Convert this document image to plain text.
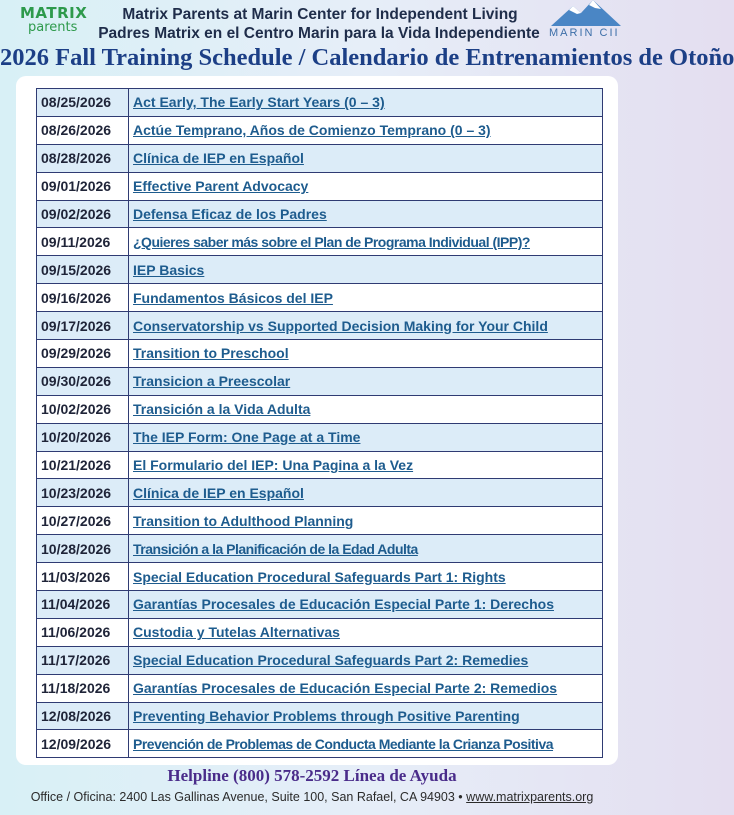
MATRIX
parents	MARIN CII
Matrix Parents at Marin Center for Independent Living
Padres Matrix en el Centro Marin para la Vida Independiente
2026 Fall Training Schedule / Calendario de Entrenamientos de Otoño
08/25/2026	Act Early, The Early Start Years (0 – 3)
08/26/2026	Actúe Temprano, Años de Comienzo Temprano (0 – 3)
08/28/2026	Clínica de IEP en Español
09/01/2026	Effective Parent Advocacy
09/02/2026	Defensa Eficaz de los Padres
09/11/2026	¿Quieres saber más sobre el Plan de Programa Individual (IPP)?
09/15/2026	IEP Basics
09/16/2026	Fundamentos Básicos del IEP
09/17/2026	Conservatorship vs Supported Decision Making for Your Child
09/29/2026	Transition to Preschool
09/30/2026	Transicion a Preescolar
10/02/2026	Transición a la Vida Adulta
10/20/2026	The IEP Form: One Page at a Time
10/21/2026	El Formulario del IEP: Una Pagina a la Vez
10/23/2026	Clínica de IEP en Español
10/27/2026	Transition to Adulthood Planning
10/28/2026	Transición a la Planificación de la Edad Adulta
11/03/2026	Special Education Procedural Safeguards Part 1: Rights
11/04/2026	Garantías Procesales de Educación Especial Parte 1: Derechos
11/06/2026	Custodia y Tutelas Alternativas
11/17/2026	Special Education Procedural Safeguards Part 2: Remedies
11/18/2026	Garantías Procesales de Educación Especial Parte 2: Remedios
12/08/2026	Preventing Behavior Problems through Positive Parenting
12/09/2026	Prevención de Problemas de Conducta Mediante la Crianza Positiva
Helpline (800) 578-2592 Línea de Ayuda
Office / Oficina: 2400 Las Gallinas Avenue, Suite 100, San Rafael, CA 94903 • www.matrixparents.org
